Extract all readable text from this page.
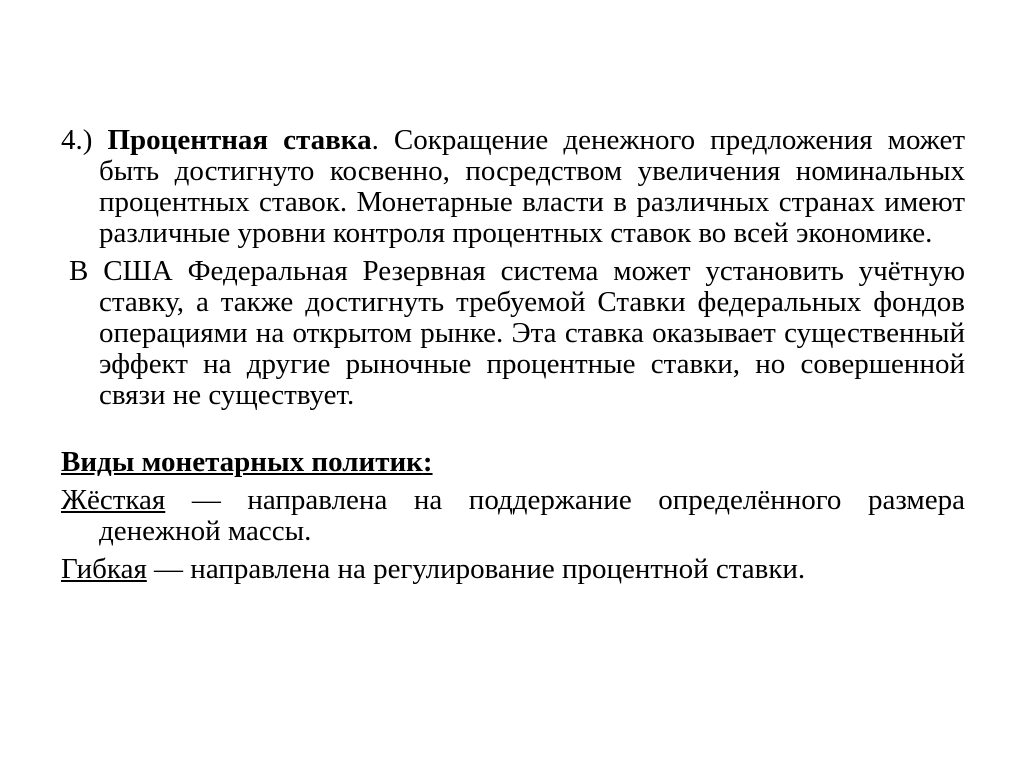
4.) Процентная ставка. Сокращение денежного предложения может быть достигнуто косвенно, посредством увеличения номинальных процентных ставок. Монетарные власти в различных странах имеют различные уровни контроля процентных ставок во всей экономике.

В США Федеральная Резервная система может установить учётную ставку, а также достигнуть требуемой Ставки федеральных фондов операциями на открытом рынке. Эта ставка оказывает существенный эффект на другие рыночные процентные ставки, но совершенной связи не существует.

Виды монетарных политик:

Жёсткая — направлена на поддержание определённого размера денежной массы.

Гибкая — направлена на регулирование процентной ставки.
